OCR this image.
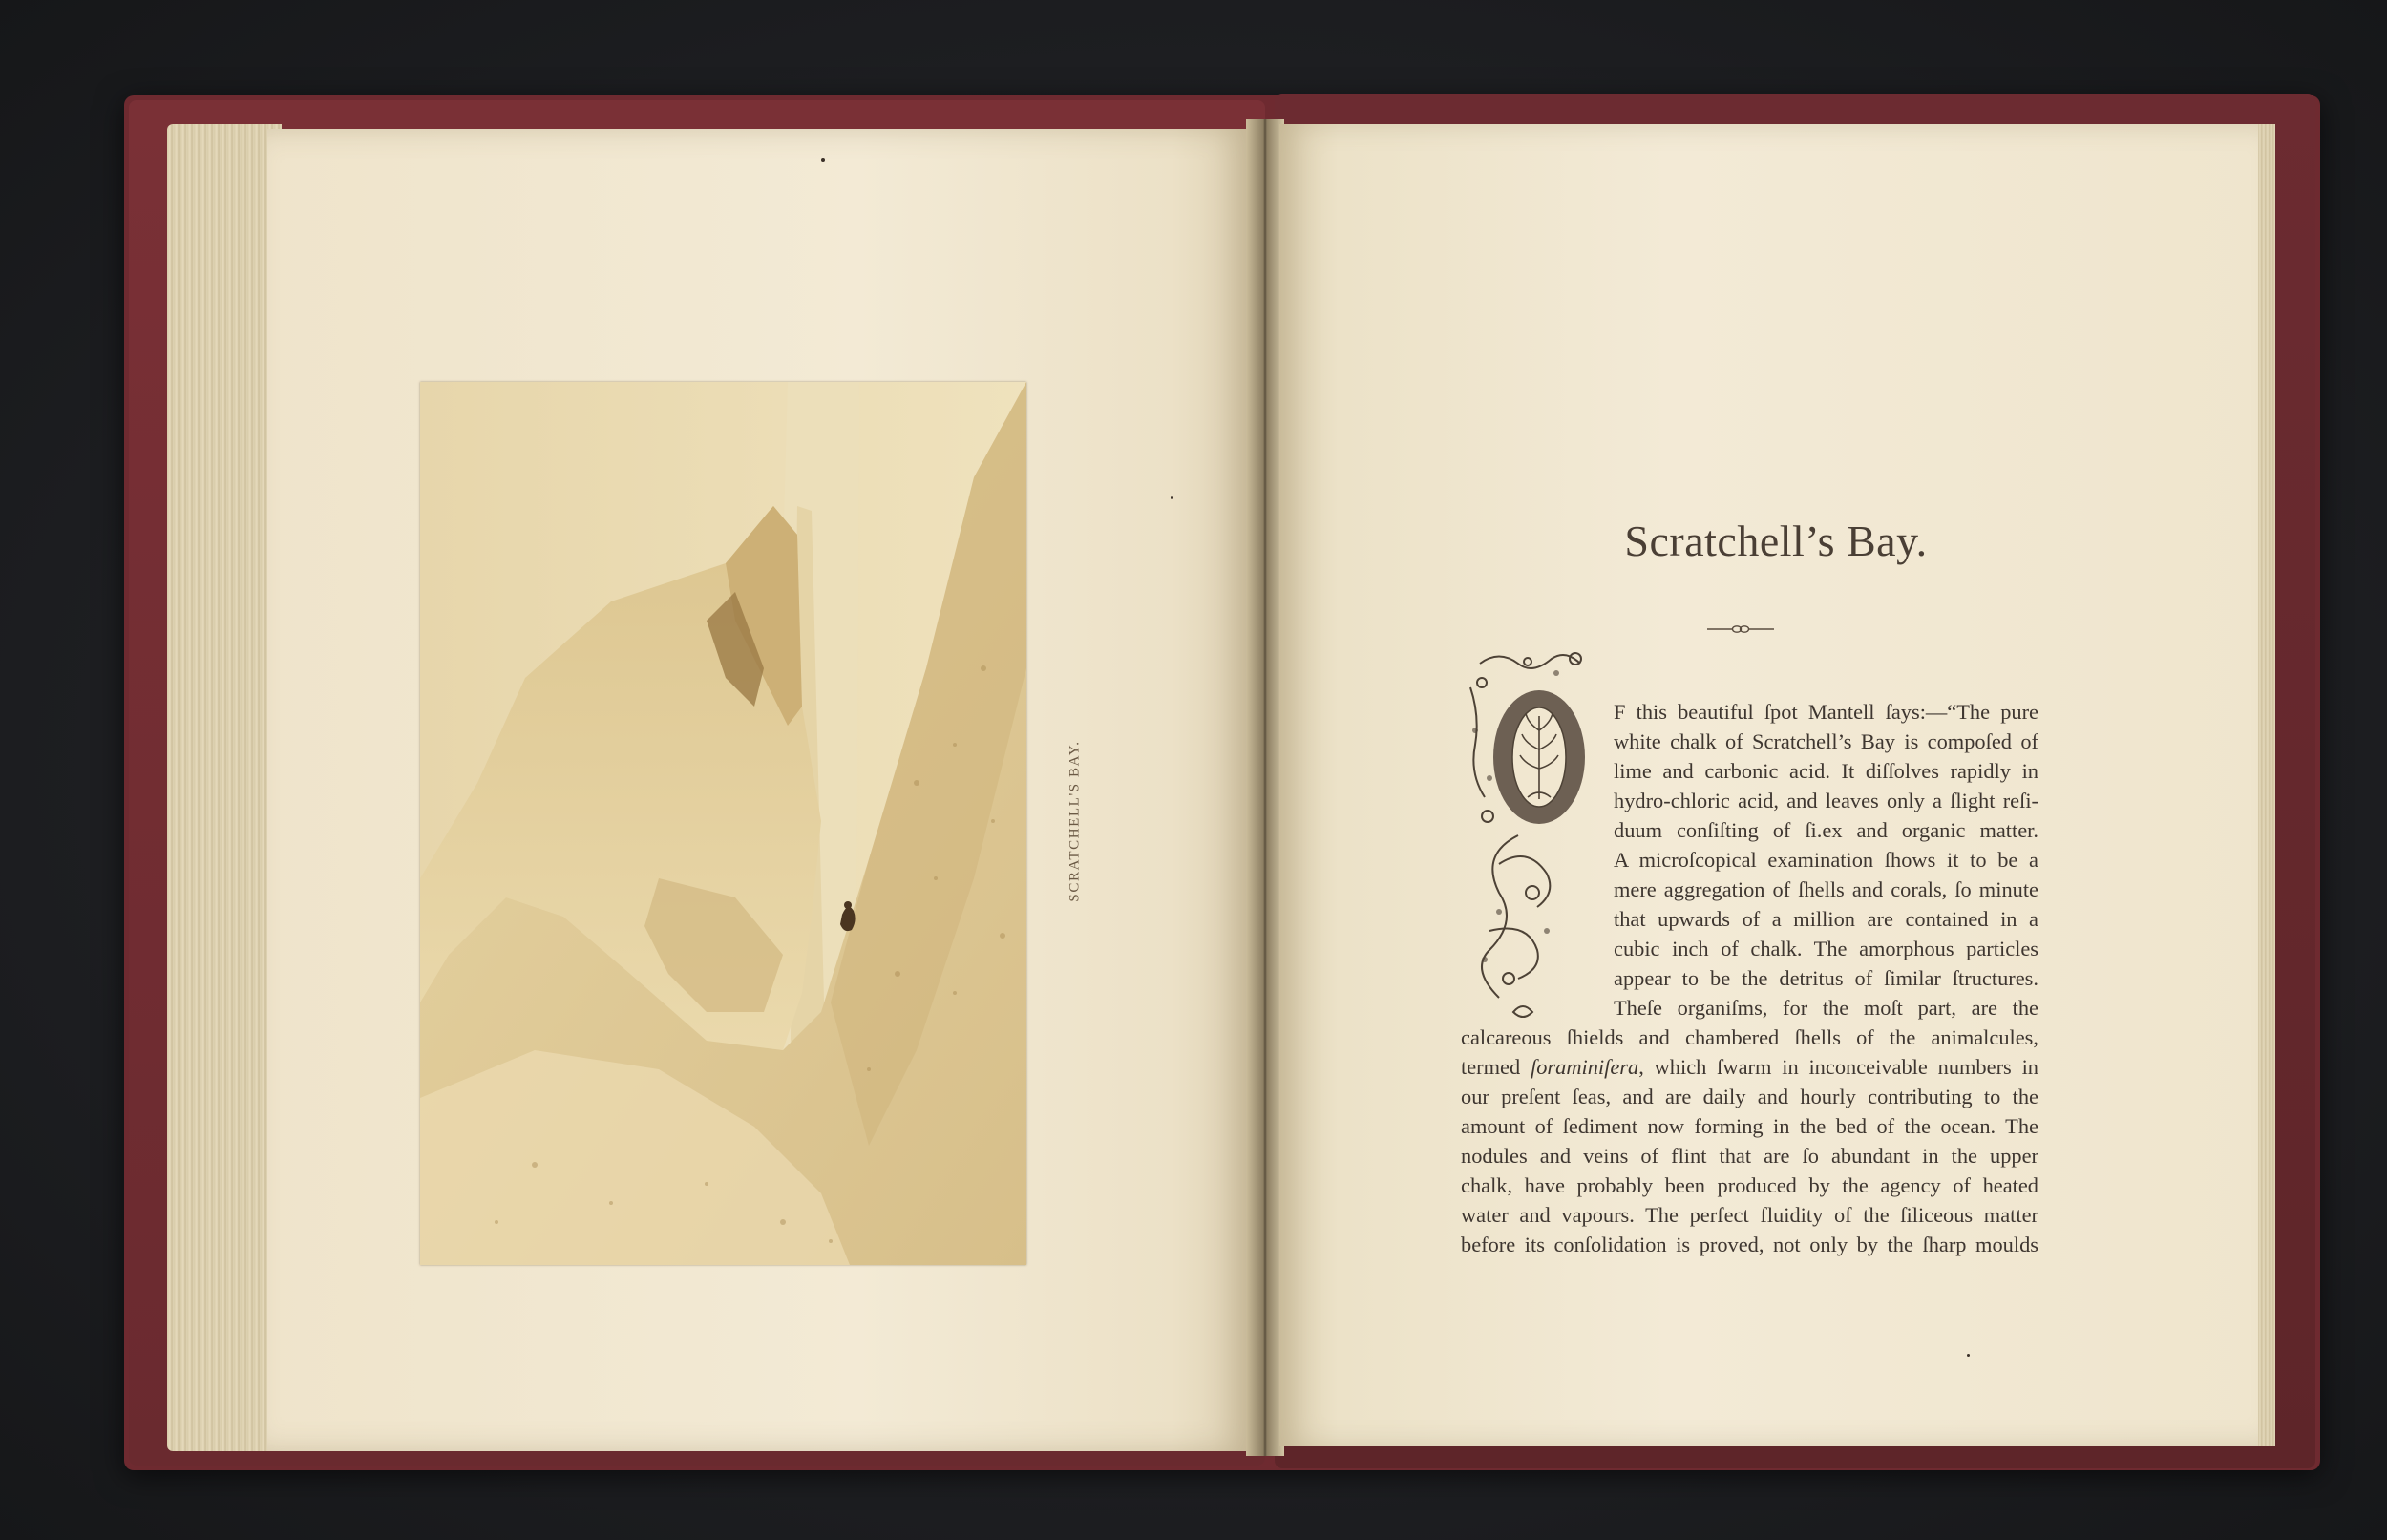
SCRATCHELL'S BAY.
Scratchell’s Bay.
F this beautiful ſpot Mantell ſays:—“The pure
white chalk of Scratchell’s Bay is compoſed of
lime and carbonic acid. It diſſolves rapidly in
hydro-chloric acid, and leaves only a ſlight reſi-
duum conſiſting of ſi.ex and organic matter.
A microſcopical examination ſhows it to be a
mere aggregation of ſhells and corals, ſo minute
that upwards of a million are contained in a
cubic inch of chalk. The amorphous particles
appear to be the detritus of ſimilar ſtructures.
Theſe organiſms, for the moſt part, are the
calcareous ſhields and chambered ſhells of the animalcules,
termed foraminifera, which ſwarm in inconceivable numbers in
our preſent ſeas, and are daily and hourly contributing to the
amount of ſediment now forming in the bed of the ocean. The
nodules and veins of flint that are ſo abundant in the upper
chalk, have probably been produced by the agency of heated
water and vapours. The perfect fluidity of the ſiliceous matter
before its conſolidation is proved, not only by the ſharp moulds
